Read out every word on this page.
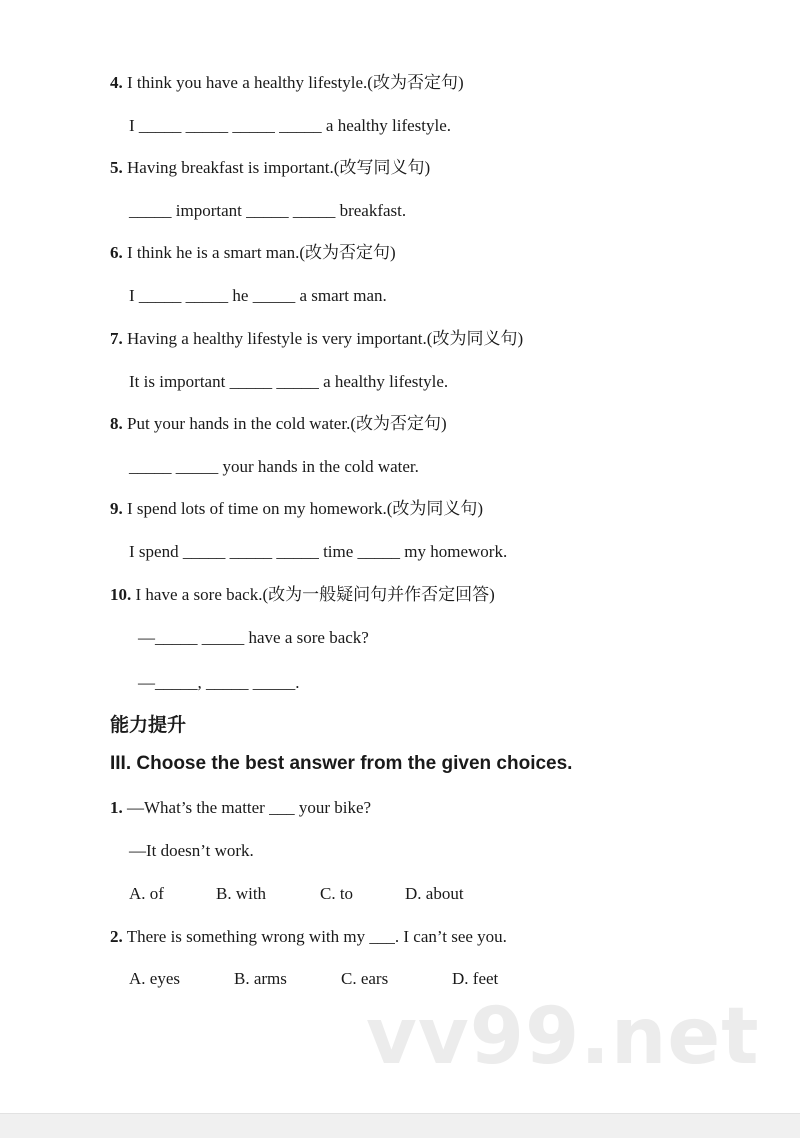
4. I think you have a healthy lifestyle.(改为否定句)
I _____ _____ _____ _____ a healthy lifestyle.
5. Having breakfast is important.(改写同义句)
_____ important _____ _____ breakfast.
6. I think he is a smart man.(改为否定句)
I _____ _____ he _____ a smart man.
7. Having a healthy lifestyle is very important.(改为同义句)
It is important _____ _____ a healthy lifestyle.
8. Put your hands in the cold water.(改为否定句)
_____ _____ your hands in the cold water.
9. I spend lots of time on my homework.(改为同义句)
I spend _____ _____ _____ time _____ my homework.
10. I have a sore back.(改为一般疑问句并作否定回答)
—_____ _____ have a sore back?
—_____, _____ _____.
能力提升
III. Choose the best answer from the given choices.
1. —What’s the matter ___ your bike?
—It doesn’t work.
A. of	B. with	C. to	D. about
2. There is something wrong with my ___. I can’t see you.
A. eyes	B. arms	C. ears	D. feet
vv99.net
